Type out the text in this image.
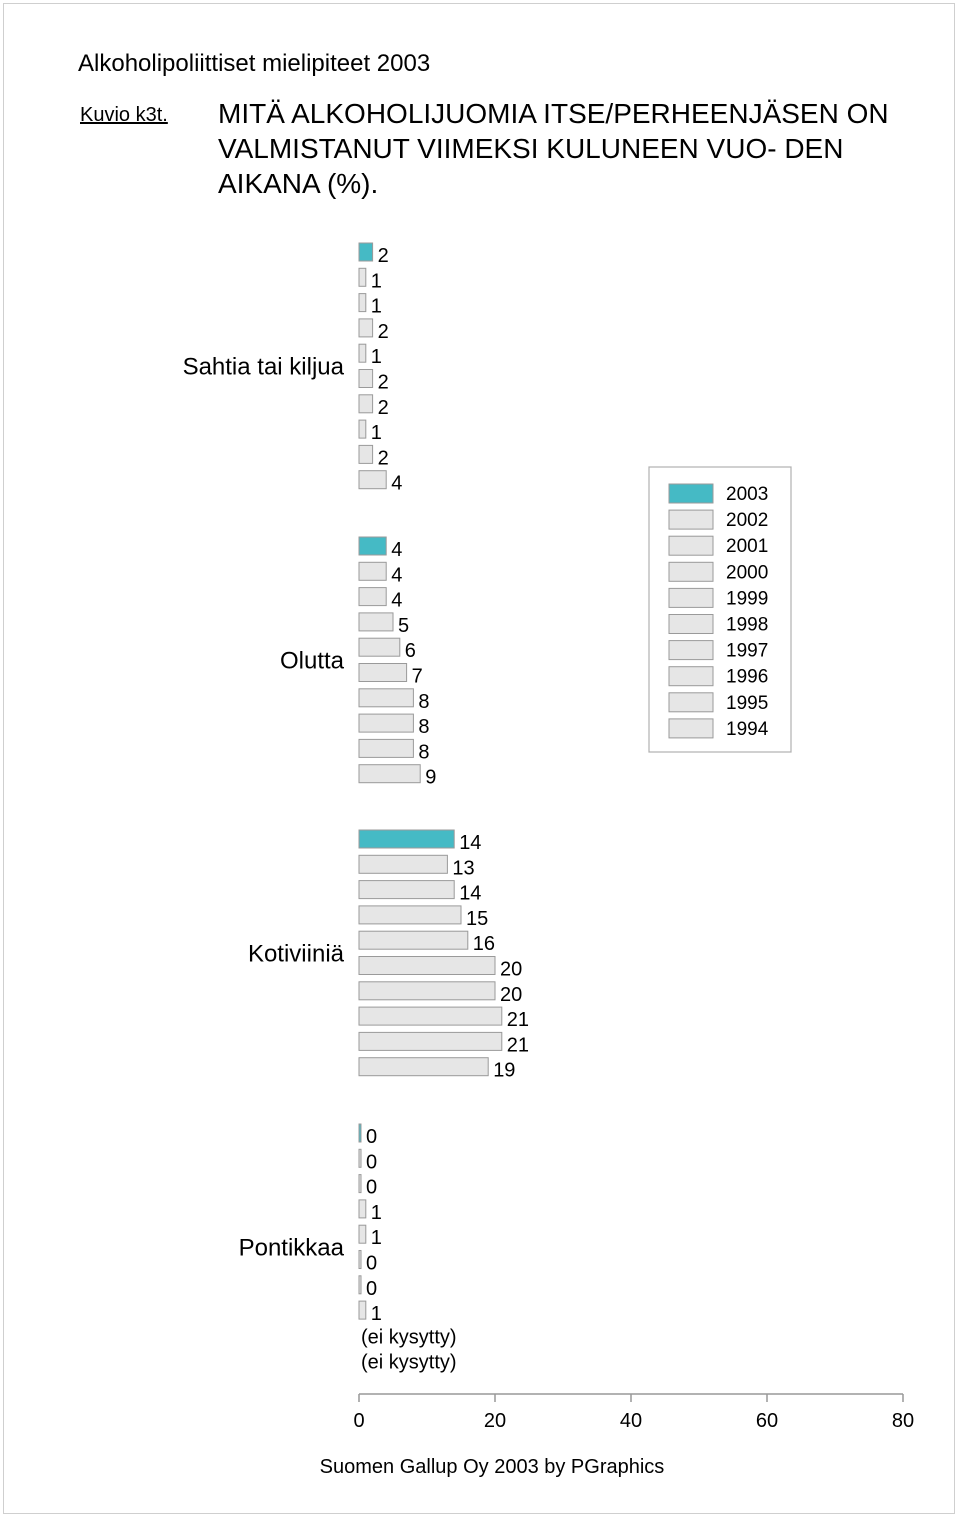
Alkoholipoliittiset mielipiteet 2003
Kuvio k3t. MITÄ ALKOHOLIJUOMIA ITSE/PERHEENJÄSEN ON VALMISTANUT VIIMEKSI KULUNEEN VUO- DEN AIKANA (%).
Sahtia tai kiljua
2
1
1
2
1
2
2
1
2
4
Olutta
4
4
4
5
6
7
8
8
8
9
Kotiviiniä
14
13
14
15
16
20
20
21
21
19
Pontikkaa
0
0
0
1
1
0
0
1
(ei kysytty)
(ei kysytty)
0	20	40	60	80
2003
2002
2001
2000
1999
1998
1997
1996
1995
1994
Suomen Gallup Oy 2003 by PGraphics
